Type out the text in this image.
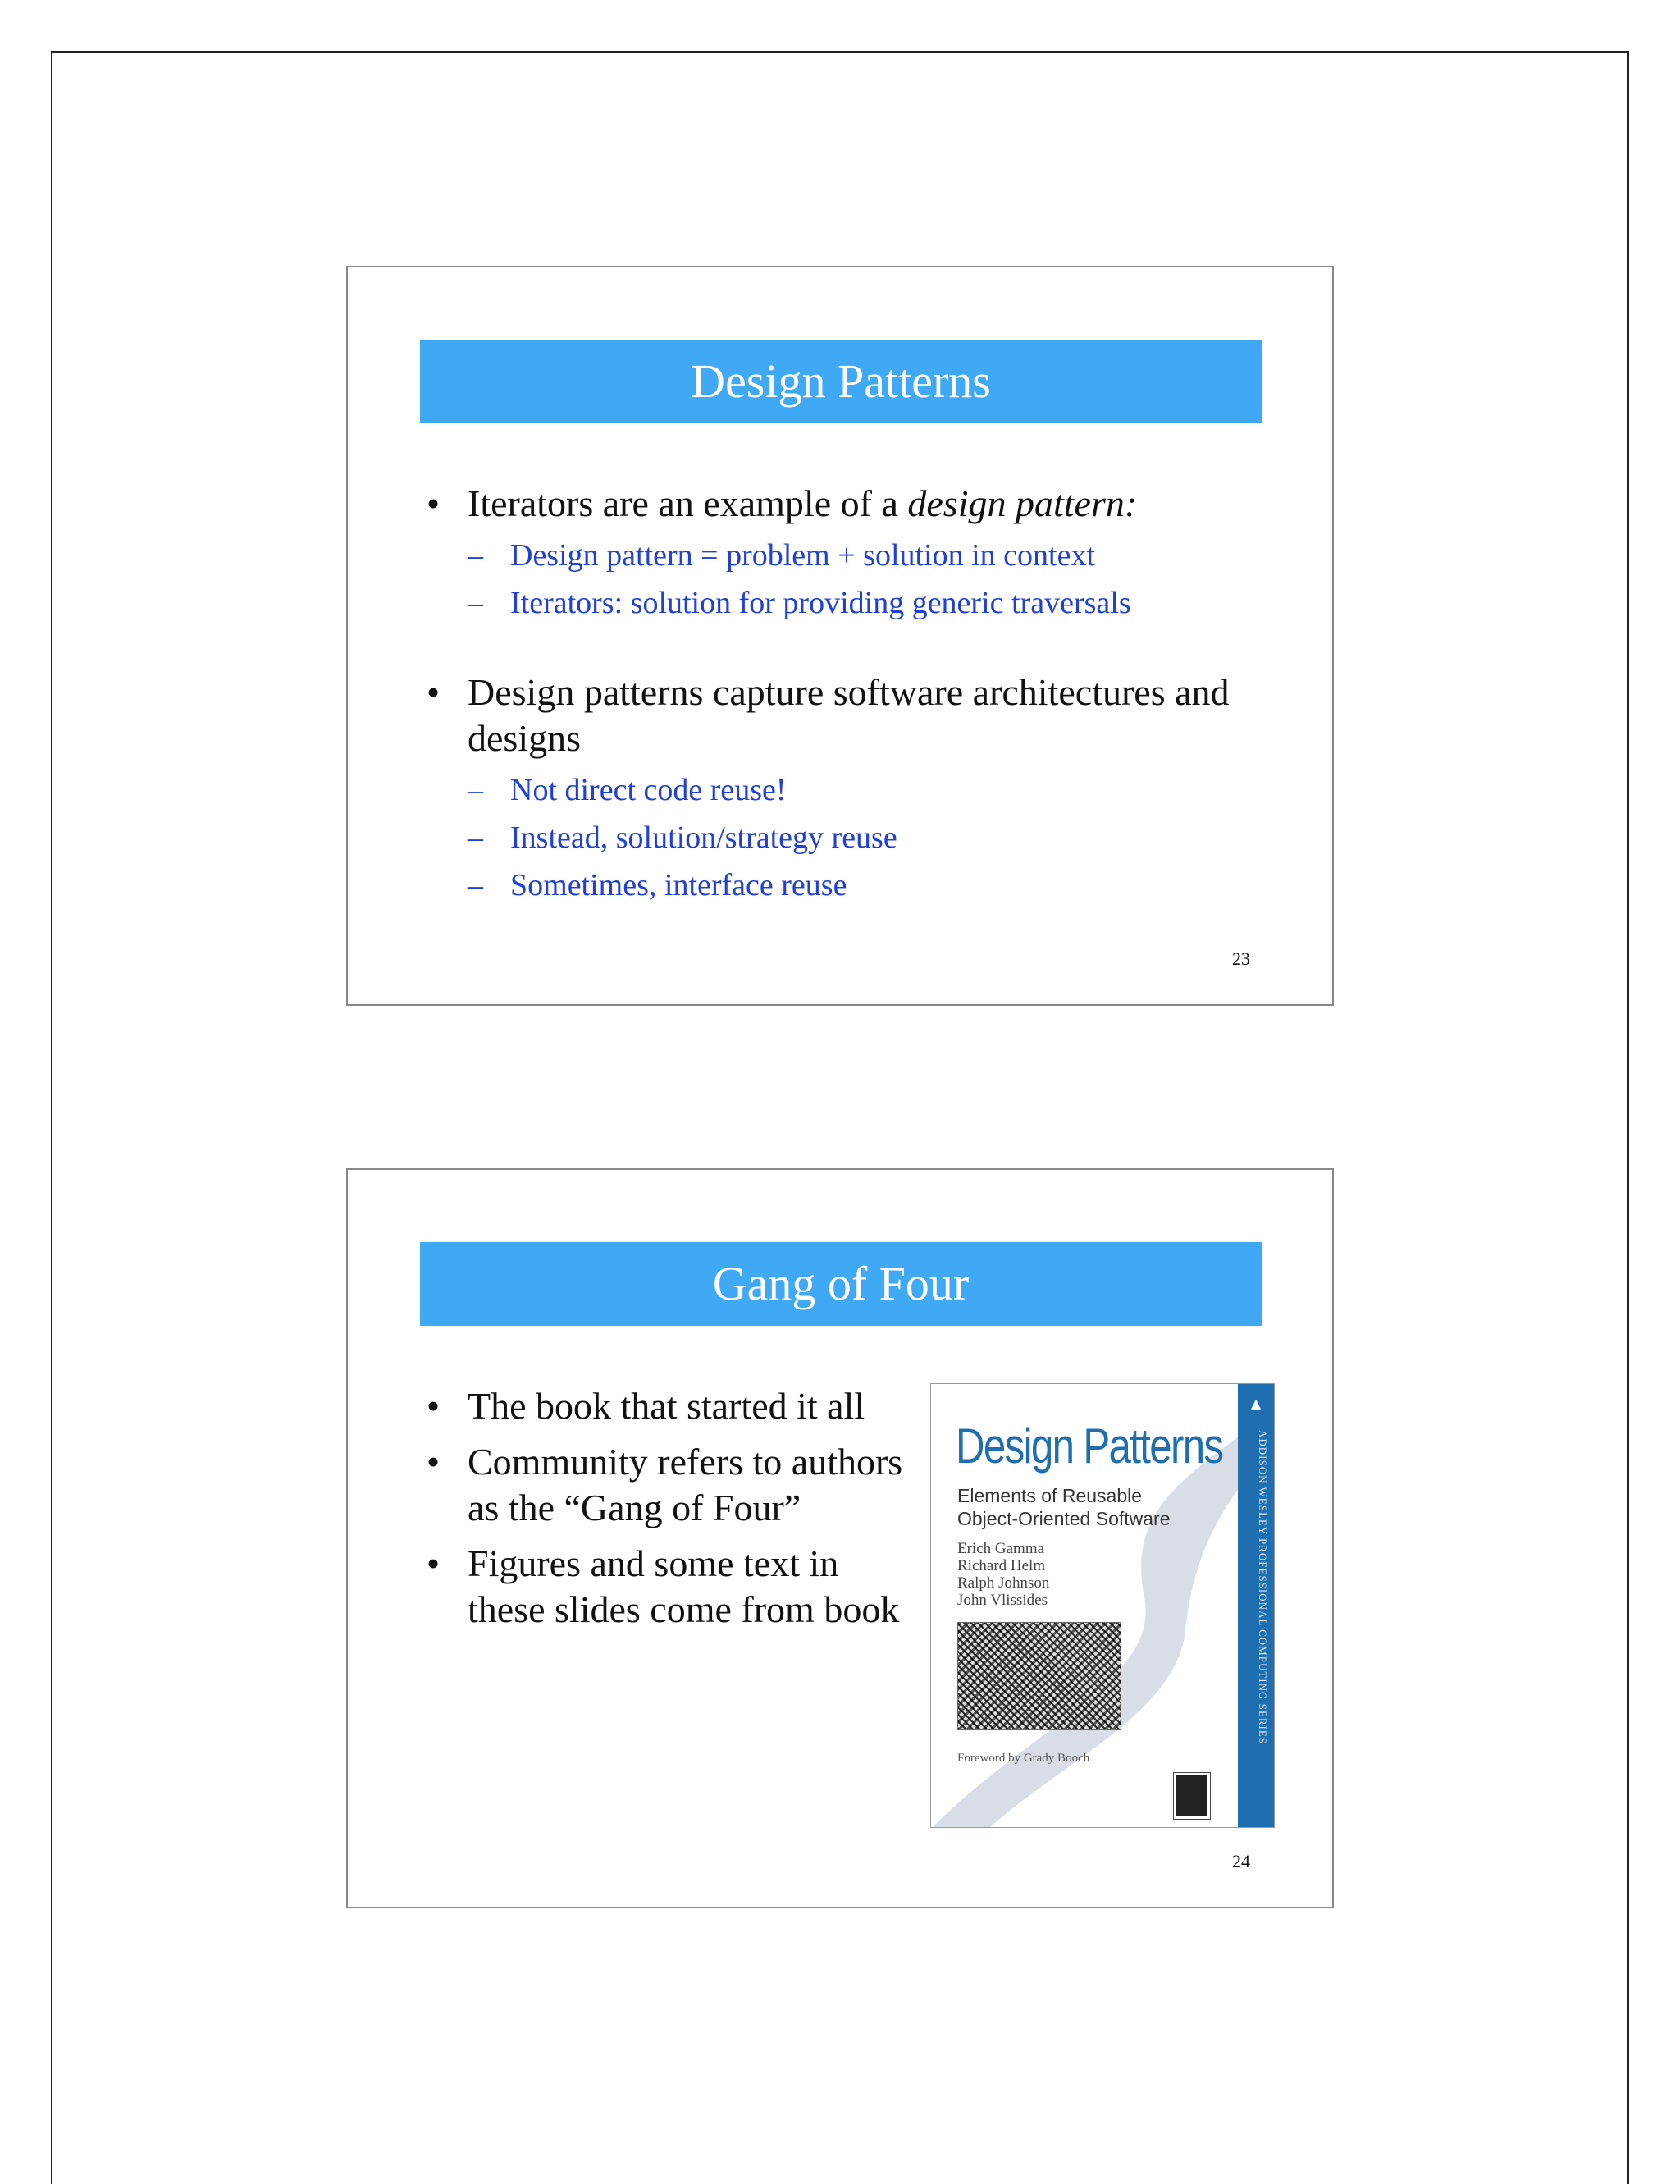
Design Patterns
• Iterators are an example of a design pattern:
– Design pattern = problem + solution in context
– Iterators: solution for providing generic traversals
• Design patterns capture software architectures and designs
– Not direct code reuse!
– Instead, solution/strategy reuse
– Sometimes, interface reuse
23
Gang of Four
• The book that started it all
• Community refers to authors as the “Gang of Four”
• Figures and some text in these slides come from book
Design Patterns
Elements of Reusable
Object-Oriented Software
Erich Gamma
Richard Helm
Ralph Johnson
John Vlissides
Foreword by Grady Booch
▲
ADDISON WESLEY PROFESSIONAL COMPUTING SERIES
24
